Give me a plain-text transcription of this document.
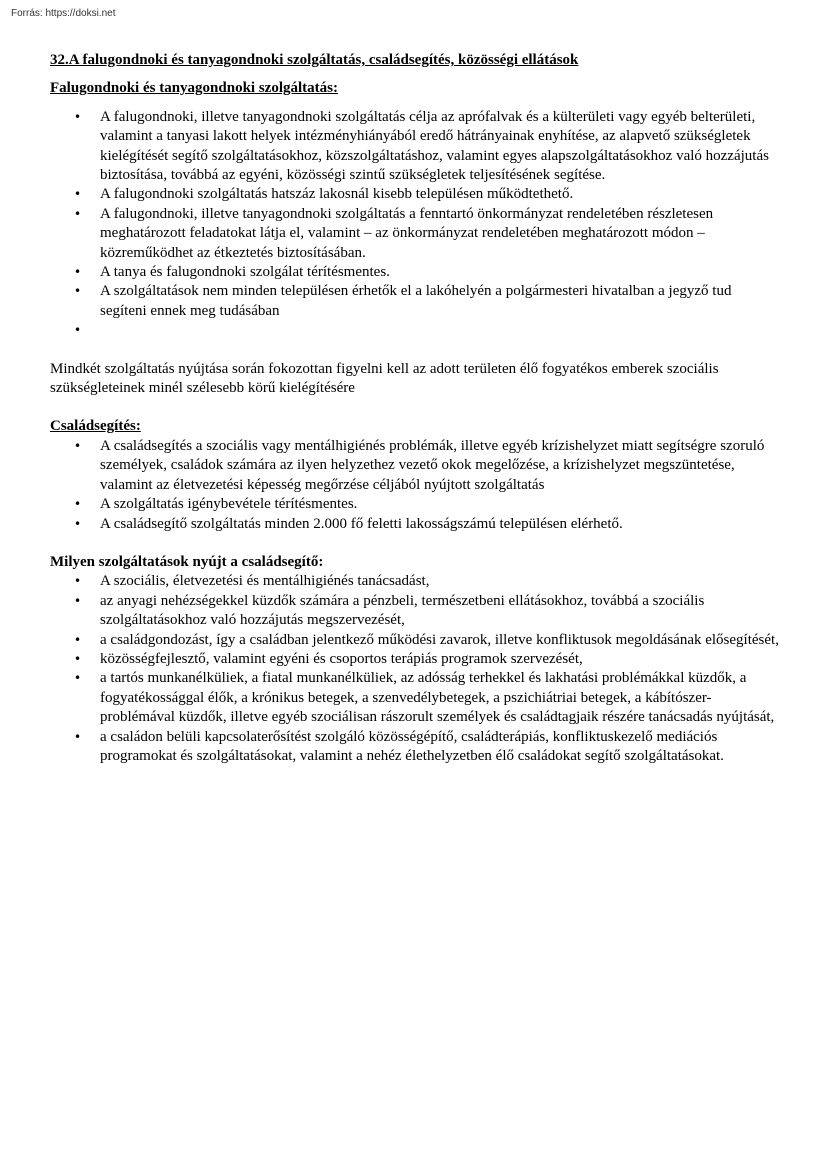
Forrás: https://doksi.net
32.A falugondnoki és tanyagondnoki szolgáltatás, családsegítés, közösségi ellátások
Falugondnoki és tanyagondnoki szolgáltatás:
• A falugondnoki, illetve tanyagondnoki szolgáltatás célja az aprófalvak és a külterületi vagy egyéb belterületi, valamint a tanyasi lakott helyek intézményhiányából eredő hátrányainak enyhítése, az alapvető szükségletek kielégítését segítő szolgáltatásokhoz, közszolgáltatáshoz, valamint egyes alapszolgáltatásokhoz való hozzájutás biztosítása, továbbá az egyéni, közösségi szintű szükségletek teljesítésének segítése.
• A falugondnoki szolgáltatás hatszáz lakosnál kisebb településen működtethető.
• A falugondnoki, illetve tanyagondnoki szolgáltatás a fenntartó önkormányzat rendeletében részletesen meghatározott feladatokat látja el, valamint – az önkormányzat rendeletében meghatározott módon – közreműködhet az étkeztetés biztosításában.
• A tanya és falugondnoki szolgálat térítésmentes.
• A szolgáltatások nem minden településen érhetők el a lakóhelyén a polgármesteri hivatalban a jegyző tud segíteni ennek meg tudásában
•

Mindkét szolgáltatás nyújtása során fokozottan figyelni kell az adott területen élő fogyatékos emberek szociális szükségleteinek minél szélesebb körű kielégítésére

Családsegítés:
• A családsegítés a szociális vagy mentálhigiénés problémák, illetve egyéb krízishelyzet miatt segítségre szoruló személyek, családok számára az ilyen helyzethez vezető okok megelőzése, a krízishelyzet megszüntetése, valamint az életvezetési képesség megőrzése céljából nyújtott szolgáltatás
• A szolgáltatás igénybevétele térítésmentes.
• A családsegítő szolgáltatás minden 2.000 fő feletti lakosságszámú településen elérhető.
Milyen szolgáltatások nyújt a családsegítő:
• A szociális, életvezetési és mentálhigiénés tanácsadást,
• az anyagi nehézségekkel küzdők számára a pénzbeli, természetbeni ellátásokhoz, továbbá a szociális szolgáltatásokhoz való hozzájutás megszervezését,
• a családgondozást, így a családban jelentkező működési zavarok, illetve konfliktusok megoldásának elősegítését,
• közösségfejlesztő, valamint egyéni és csoportos terápiás programok szervezését,
• a tartós munkanélküliek, a fiatal munkanélküliek, az adósság terhekkel és lakhatási problémákkal küzdők, a fogyatékossággal élők, a krónikus betegek, a szenvedélybetegek, a pszichiátriai betegek, a kábítószer-problémával küzdők, illetve egyéb szociálisan rászorult személyek és családtagjaik részére tanácsadás nyújtását,
• a családon belüli kapcsolaterősítést szolgáló közösségépítő, családterápiás, konfliktuskezelő mediációs programokat és szolgáltatásokat, valamint a nehéz élethelyzetben élő családokat segítő szolgáltatásokat.
